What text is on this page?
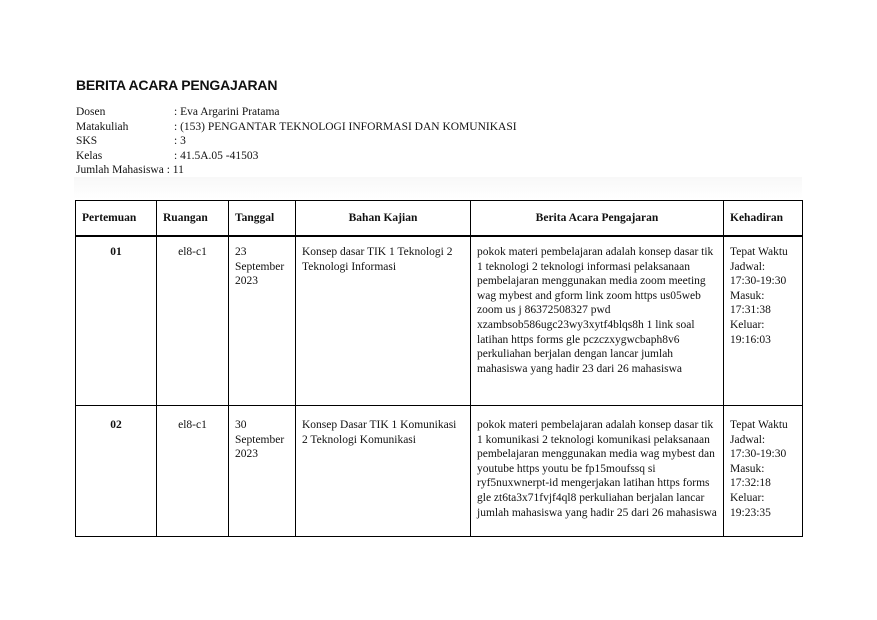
BERITA ACARA PENGAJARAN
Dosen	: Eva Argarini Pratama
Matakuliah	: (153) PENGANTAR TEKNOLOGI INFORMASI DAN KOMUNIKASI
SKS	: 3
Kelas	: 41.5A.05 -41503
Jumlah Mahasiswa : 11
Pertemuan	Ruangan	Tanggal	Bahan Kajian	Berita Acara Pengajaran	Kehadiran

01	el8-c1	23 September 2023	Konsep dasar TIK 1 Teknologi 2 Teknologi Informasi	pokok materi pembelajaran adalah konsep dasar tik 1 teknologi 2 teknologi informasi pelaksanaan pembelajaran menggunakan media zoom meeting wag mybest and gform link zoom https us05web zoom us j 86372508327 pwd xzambsob586ugc23wy3xytf4blqs8h 1 link soal latihan https forms gle pczczxygwcbaph8v6 perkuliahan berjalan dengan lancar jumlah mahasiswa yang hadir 23 dari 26 mahasiswa	Tepat Waktu Jadwal: 17:30-19:30 Masuk: 17:31:38 Keluar: 19:16:03

02	el8-c1	30 September 2023	Konsep Dasar TIK 1 Komunikasi 2 Teknologi Komunikasi	pokok materi pembelajaran adalah konsep dasar tik 1 komunikasi 2 teknologi komunikasi pelaksanaan pembelajaran menggunakan media wag mybest dan youtube https youtu be fp15moufssq si ryf5nuxwnerpt-id mengerjakan latihan https forms gle zt6ta3x71fvjf4ql8 perkuliahan berjalan lancar jumlah mahasiswa yang hadir 25 dari 26 mahasiswa	Tepat Waktu Jadwal: 17:30-19:30 Masuk: 17:32:18 Keluar: 19:23:35
